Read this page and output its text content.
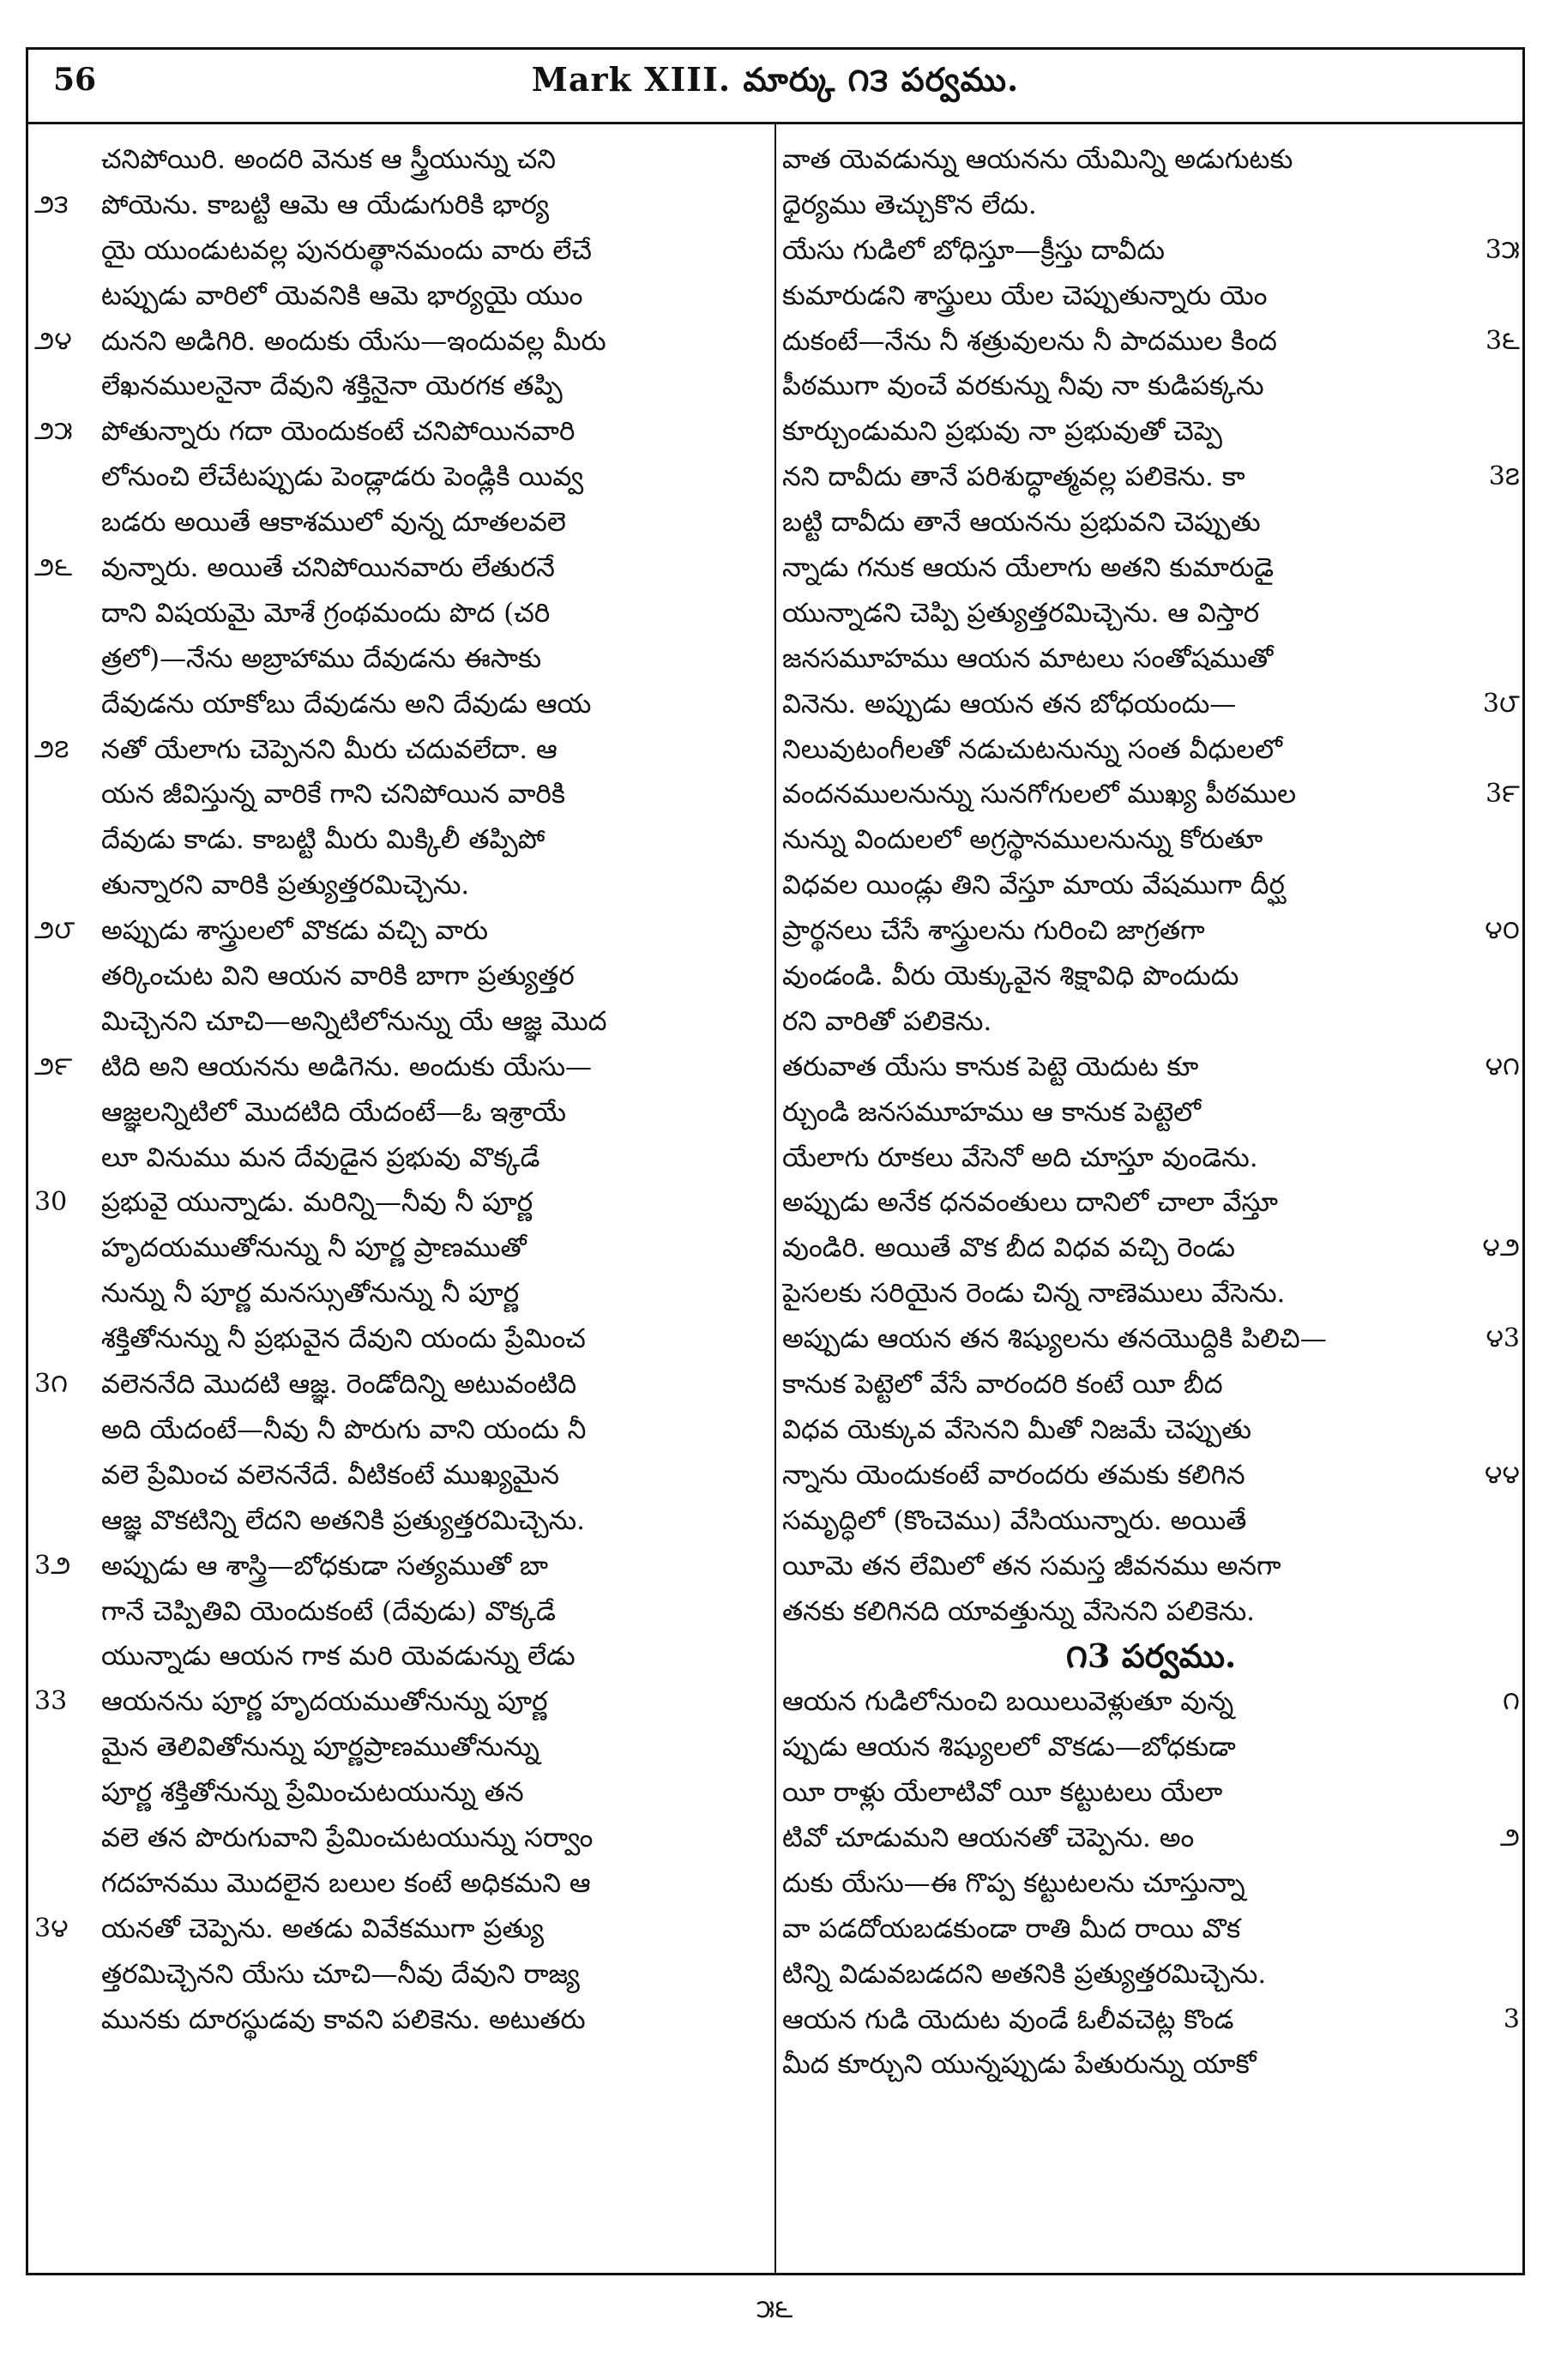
56	Mark XIII. మార్కు ౧౩ పర్వము.
చనిపోయిరి. అందరి వెనుక ఆ స్త్రీయున్ను చని
౨౩	పోయెను. కాబట్టి ఆమె ఆ యేడుగురికి భార్య
యై యుండుటవల్ల పునరుత్థానమందు వారు లేచే
టప్పుడు వారిలో యెవనికి ఆమె భార్యయై యుం
౨౪	దునని అడిగిరి. అందుకు యేసు—ఇందువల్ల మీరు
లేఖనములనైనా దేవుని శక్తినైనా యెరగక తప్పి
౨౫	పోతున్నారు గదా యెందుకంటే చనిపోయినవారి
లోనుంచి లేచేటప్పుడు పెండ్లాడరు పెండ్లికి యివ్వ
బడరు అయితే ఆకాశములో వున్న దూతలవలె
౨౬	వున్నారు. అయితే చనిపోయినవారు లేతురనే
దాని విషయమై మోశే గ్రంథమందు పొద (చరి
త్రలో)—నేను అబ్రాహాము దేవుడను ఈసాకు
దేవుడను యాకోబు దేవుడను అని దేవుడు ఆయ
౨౭	నతో యేలాగు చెప్పెనని మీరు చదువలేదా. ఆ
యన జీవిస్తున్న వారికే గాని చనిపోయిన వారికి
దేవుడు కాడు. కాబట్టి మీరు మిక్కిలీ తప్పిపో
తున్నారని వారికి ప్రత్యుత్తరమిచ్చెను.
౨౮ అప్పుడు శాస్త్రులలో వొకడు వచ్చి వారు
తర్కించుట విని ఆయన వారికి బాగా ప్రత్యుత్తర
మిచ్చెనని చూచి—అన్నిటిలోనున్ను యే ఆజ్ఞ మొద
౨౯	టిది అని ఆయనను అడిగెను. అందుకు యేసు—
ఆజ్ఞలన్నిటిలో మొదటిది యేదంటే—ఓ ఇశ్రాయే
లూ వినుము మన దేవుడైన ప్రభువు వొక్కడే
30	ప్రభువై యున్నాడు. మరిన్ని—నీవు నీ పూర్ణ
హృదయముతోనున్ను నీ పూర్ణ ప్రాణముతో
నున్ను నీ పూర్ణ మనస్సుతోనున్ను నీ పూర్ణ
శక్తితోనున్ను నీ ప్రభువైన దేవుని యందు ప్రేమించ
3౧	వలెననేది మొదటి ఆజ్ఞ. రెండోదిన్ని అటువంటిది
అది యేదంటే—నీవు నీ పొరుగు వాని యందు నీ
వలె ప్రేమించ వలెననేదే. వీటికంటే ముఖ్యమైన
ఆజ్ఞ వొకటిన్ని లేదని అతనికి ప్రత్యుత్తరమిచ్చెను.
3౨	అప్పుడు ఆ శాస్త్రి—బోధకుడా సత్యముతో బా
గానే చెప్పితివి యెందుకంటే (దేవుడు) వొక్కడే
యున్నాడు ఆయన గాక మరి యెవడున్ను లేడు
33	ఆయనను పూర్ణ హృదయముతోనున్ను పూర్ణ
మైన తెలివితోనున్ను పూర్ణప్రాణముతోనున్ను
పూర్ణ శక్తితోనున్ను ప్రేమించుటయున్ను తన
వలె తన పొరుగువాని ప్రేమించుటయున్ను సర్వాం
గదహనము మొదలైన బలుల కంటే అధికమని ఆ
3౪	యనతో చెప్పెను. అతడు వివేకముగా ప్రత్యు
త్తరమిచ్చెనని యేసు చూచి—నీవు దేవుని రాజ్య
మునకు దూరస్థుడవు కావని పలికెను. అటుతరు
వాత యెవడున్ను ఆయనను యేమిన్ని అడుగుటకు
ధైర్యము తెచ్చుకొన లేదు.
3౫
యేసు గుడిలో బోధిస్తూ—క్రీస్తు దావీదు
కుమారుడని శాస్త్రులు యేల చెప్పుతున్నారు యెం
3౬
దుకంటే—నేను నీ శత్రువులను నీ పాదముల కింద
పీఠముగా వుంచే వరకున్ను నీవు నా కుడిపక్కను
కూర్చుండుమని ప్రభువు నా ప్రభువుతో చెప్పె
3౭
నని దావీదు తానే పరిశుద్ధాత్మవల్ల పలికెను. కా
బట్టి దావీదు తానే ఆయనను ప్రభువని చెప్పుతు
న్నాడు గనుక ఆయన యేలాగు అతని కుమారుడై
యున్నాడని చెప్పి ప్రత్యుత్తరమిచ్చెను. ఆ విస్తార
జనసమూహము ఆయన మాటలు సంతోషముతో
3౮
వినెను. అప్పుడు ఆయన తన బోధయందు—
నిలువుటంగీలతో నడుచుటనున్ను సంత వీధులలో
3౯
వందనములనున్ను సునగోగులలో ముఖ్య పీఠముల
నున్ను విందులలో అగ్రస్థానములనున్ను కోరుతూ
విధవల యిండ్లు తిని వేస్తూ మాయ వేషముగా దీర్ఘ
౪౦
ప్రార్థనలు చేసే శాస్త్రులను గురించి జాగ్రతగా
వుండండి. వీరు యెక్కువైన శిక్షావిధి పొందుదు
రని వారితో పలికెను.
౪౧
తరువాత యేసు కానుక పెట్టె యెదుట కూ
ర్చుండి జనసమూహము ఆ కానుక పెట్టెలో
యేలాగు రూకలు వేసెనో అది చూస్తూ వుండెను.
అప్పుడు అనేక ధనవంతులు దానిలో చాలా వేస్తూ
౪౨
వుండిరి. అయితే వొక బీద విధవ వచ్చి రెండు
పైసలకు సరియైన రెండు చిన్న నాణెములు వేసెను.
౪3
అప్పుడు ఆయన తన శిష్యులను తనయొద్దికి పిలిచి—
కానుక పెట్టెలో వేసే వారందరి కంటే యీ బీద
విధవ యెక్కువ వేసెనని మీతో నిజమే చెప్పుతు
౪౪
న్నాను యెందుకంటే వారందరు తమకు కలిగిన
సమృద్ధిలో (కొంచెము) వేసియున్నారు. అయితే
యీమె తన లేమిలో తన సమస్త జీవనము అనగా
తనకు కలిగినది యావత్తున్ను వేసెనని పలికెను.
౧3 పర్వము.
౧
ఆయన గుడిలోనుంచి బయిలువెళ్లుతూ వున్న
ప్పుడు ఆయన శిష్యులలో వొకడు—బోధకుడా
యీ రాళ్లు యేలాటివో యీ కట్టుటలు యేలా
౨
టివో చూడుమని ఆయనతో చెప్పెను. అం
దుకు యేసు—ఈ గొప్ప కట్టుటలను చూస్తున్నా
వా పడదోయబడకుండా రాతి మీద రాయి వొక
టిన్ని విడువబడదని అతనికి ప్రత్యుత్తరమిచ్చెను.
3
ఆయన గుడి యెదుట వుండే ఓలీవచెట్ల కొండ
మీద కూర్చుని యున్నప్పుడు పేతురున్ను యాకో
౫౬
